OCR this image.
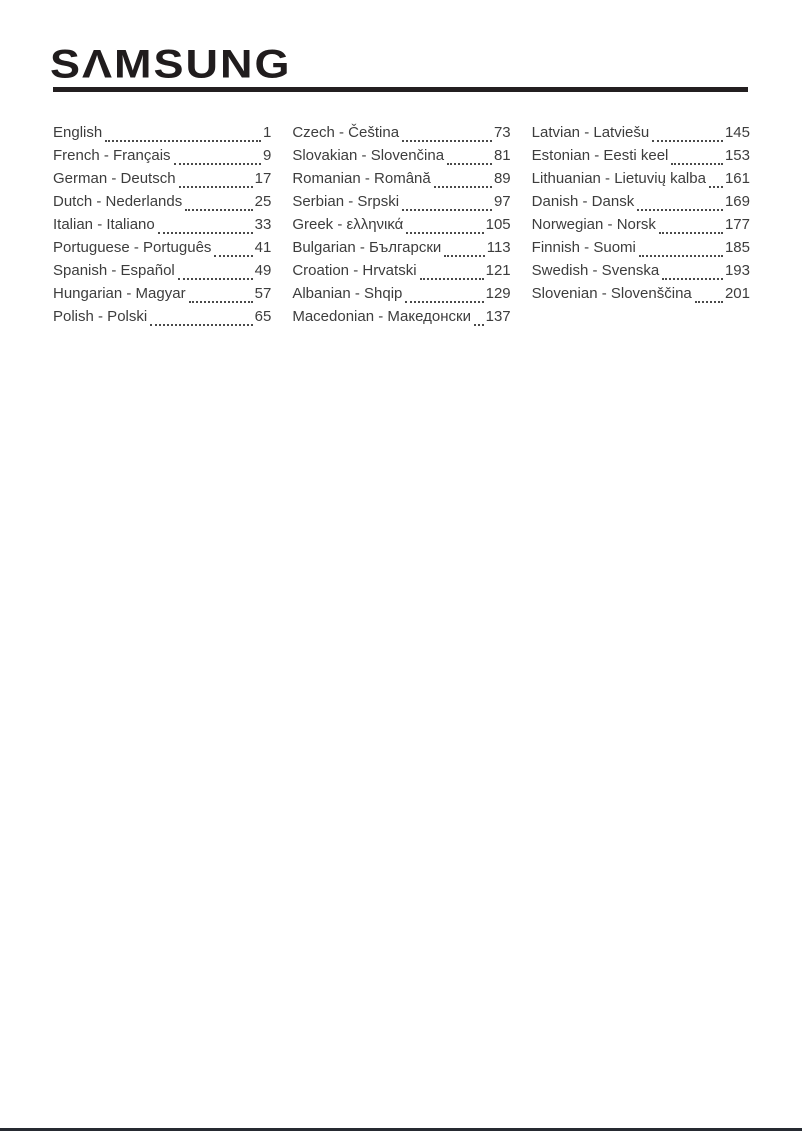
SΛMSUNG
English	1
French - Français	9
German - Deutsch	17
Dutch - Nederlands	25
Italian - Italiano	33
Portuguese - Português	41
Spanish - Español	49
Hungarian - Magyar	57
Polish - Polski	65
Czech - Čeština	73
Slovakian - Slovenčina	81
Romanian - Română	89
Serbian - Srpski	97
Greek - ελληνικά	105
Bulgarian - Български	113
Croation - Hrvatski	121
Albanian - Shqip	129
Macedonian - Македонски 137
Latvian - Latviešu	145
Estonian - Eesti keel	153
Lithuanian - Lietuvių kalba 161
Danish - Dansk	169
Norwegian - Norsk	177
Finnish - Suomi	185
Swedish - Svenska	193
Slovenian - Slovenščina 201
